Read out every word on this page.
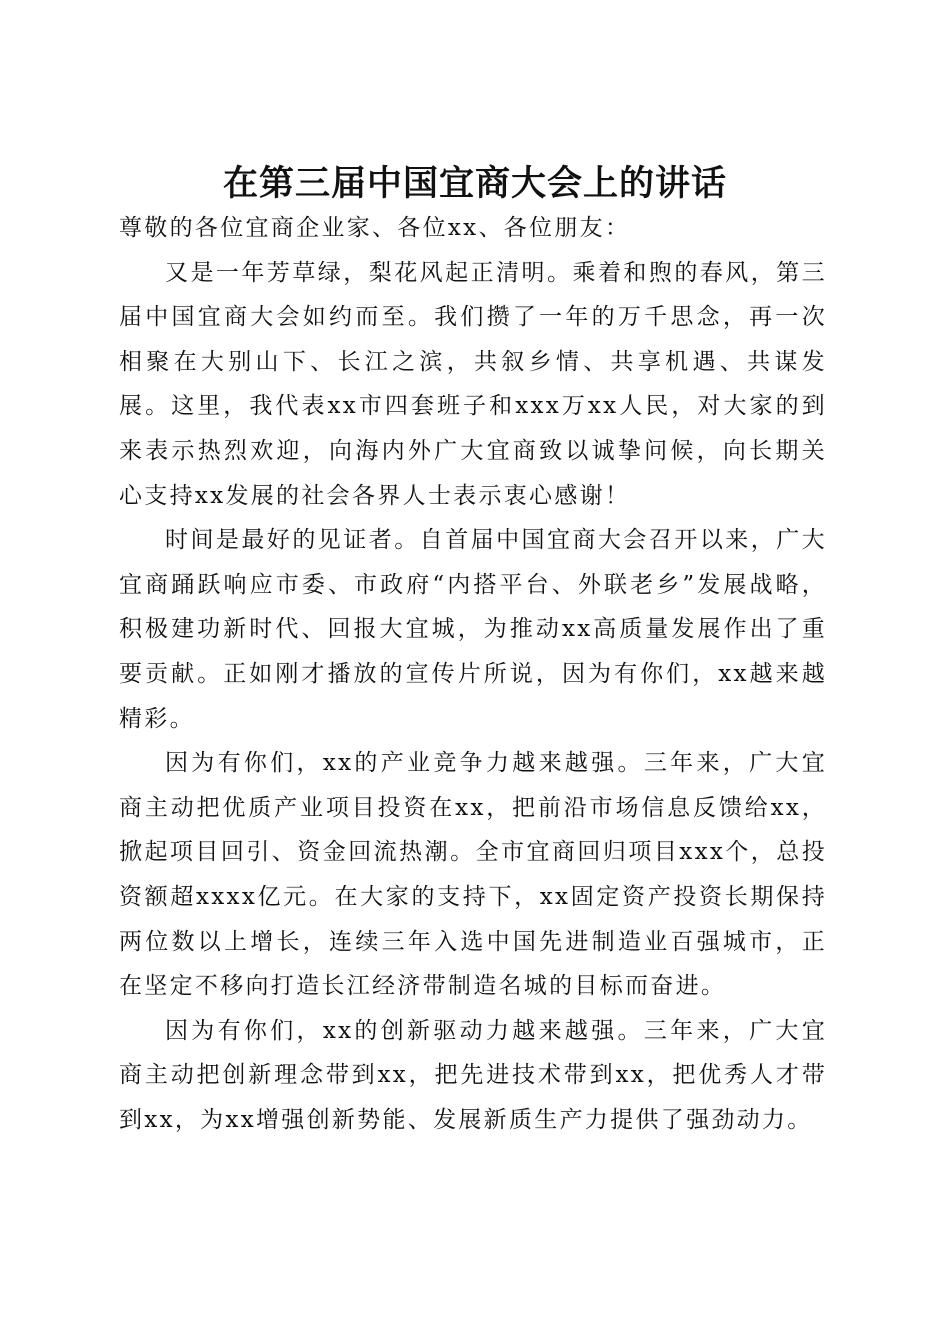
在第三届中国宜商大会上的讲话

尊敬的各位宜商企业家、各位xx、各位朋友：

又是一年芳草绿，梨花风起正清明。乘着和煦的春风，第三届中国宜商大会如约而至。我们攒了一年的万千思念，再一次相聚在大别山下、长江之滨，共叙乡情、共享机遇、共谋发展。这里，我代表xx市四套班子和xxx万xx人民，对大家的到来表示热烈欢迎，向海内外广大宜商致以诚挚问候，向长期关心支持xx发展的社会各界人士表示衷心感谢！

时间是最好的见证者。自首届中国宜商大会召开以来，广大宜商踊跃响应市委、市政府“内搭平台、外联老乡”发展战略，积极建功新时代、回报大宜城，为推动xx高质量发展作出了重要贡献。正如刚才播放的宣传片所说，因为有你们，xx越来越精彩。

因为有你们，xx的产业竞争力越来越强。三年来，广大宜商主动把优质产业项目投资在xx，把前沿市场信息反馈给xx，掀起项目回引、资金回流热潮。全市宜商回归项目xxx个，总投资额超xxxx亿元。在大家的支持下，xx固定资产投资长期保持两位数以上增长，连续三年入选中国先进制造业百强城市，正在坚定不移向打造长江经济带制造名城的目标而奋进。

因为有你们，xx的创新驱动力越来越强。三年来，广大宜商主动把创新理念带到xx，把先进技术带到xx，把优秀人才带到xx，为xx增强创新势能、发展新质生产力提供了强劲动力。
